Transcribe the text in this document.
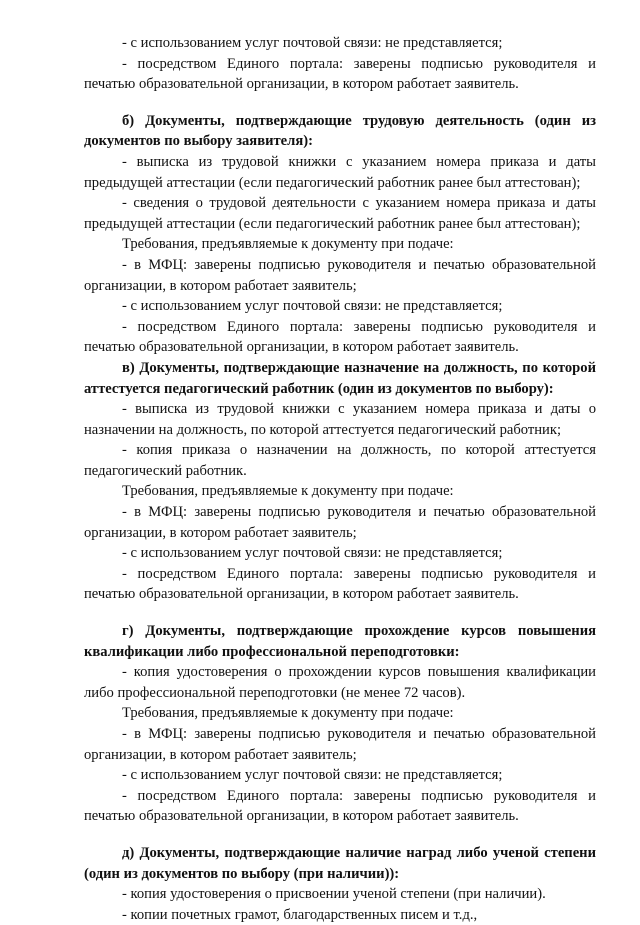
- с использованием услуг почтовой связи: не представляется;

- посредством Единого портала: заверены подписью руководителя и печатью образовательной организации, в котором работает заявитель.

б) Документы, подтверждающие трудовую деятельность (один из документов по выбору заявителя):

- выписка из трудовой книжки с указанием номера приказа и даты предыдущей аттестации (если педагогический работник ранее был аттестован);

- сведения о трудовой деятельности с указанием номера приказа и даты предыдущей аттестации (если педагогический работник ранее был аттестован);

Требования, предъявляемые к документу при подаче:

- в МФЦ: заверены подписью руководителя и печатью образовательной организации, в котором работает заявитель;

- с использованием услуг почтовой связи: не представляется;

- посредством Единого портала: заверены подписью руководителя и печатью образовательной организации, в котором работает заявитель.

в) Документы, подтверждающие назначение на должность, по которой аттестуется педагогический работник (один из документов по выбору):

- выписка из трудовой книжки с указанием номера приказа и даты о назначении на должность, по которой аттестуется педагогический работник;

- копия приказа о назначении на должность, по которой аттестуется педагогический работник.

Требования, предъявляемые к документу при подаче:

- в МФЦ: заверены подписью руководителя и печатью образовательной организации, в котором работает заявитель;

- с использованием услуг почтовой связи: не представляется;

- посредством Единого портала: заверены подписью руководителя и печатью образовательной организации, в котором работает заявитель.

г) Документы, подтверждающие прохождение курсов повышения квалификации либо профессиональной переподготовки:

- копия удостоверения о прохождении курсов повышения квалификации либо профессиональной переподготовки (не менее 72 часов).

Требования, предъявляемые к документу при подаче:

- в МФЦ: заверены подписью руководителя и печатью образовательной организации, в котором работает заявитель;

- с использованием услуг почтовой связи: не представляется;

- посредством Единого портала: заверены подписью руководителя и печатью образовательной организации, в котором работает заявитель.

д) Документы, подтверждающие наличие наград либо ученой степени (один из документов по выбору (при наличии)):

- копия удостоверения о присвоении ученой степени (при наличии).

- копии почетных грамот, благодарственных писем и т.д.,
